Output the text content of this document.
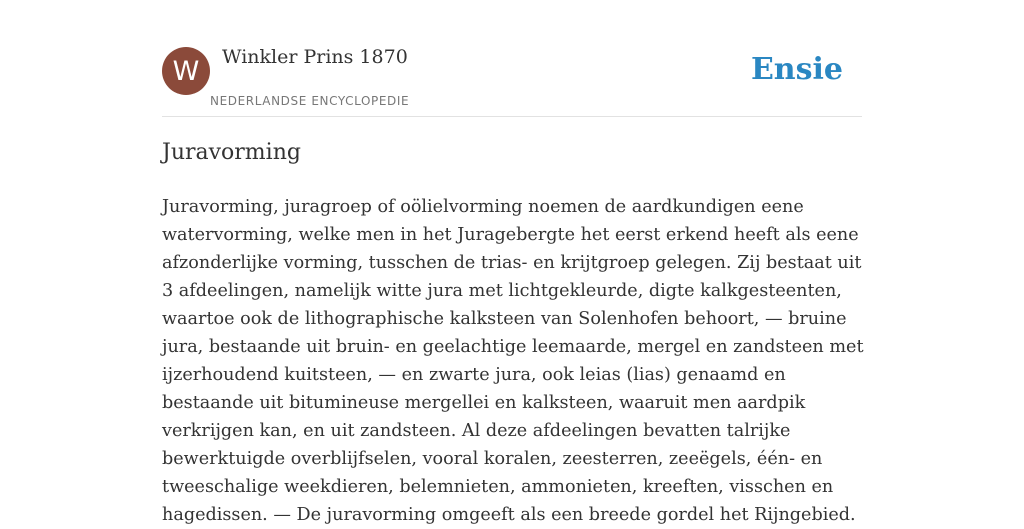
W	Winkler Prins 1870
NEDERLANDSE ENCYCLOPEDIE
Ensie
Juravorming

Juravorming, juragroep of oölielvorming noemen de aardkundigen eene watervorming, welke men in het Juragebergte het eerst erkend heeft als eene afzonderlijke vorming, tusschen de trias- en krijtgroep gelegen. Zij bestaat uit 3 afdeelingen, namelijk witte jura met lichtgekleurde, digte kalkgesteenten, waartoe ook de lithographische kalksteen van Solenhofen behoort, — bruine jura, bestaande uit bruin- en geelachtige leemaarde, mergel en zandsteen met ijzerhoudend kuitsteen, — en zwarte jura, ook leias (lias) genaamd en bestaande uit bitumineuse mergellei en kalksteen, waaruit men aardpik verkrijgen kan, en uit zandsteen. Al deze afdeelingen bevatten talrijke bewerktuigde overblijfselen, vooral koralen, zeesterren, zeeëgels, één- en tweeschalige weekdieren, belemnieten, ammonieten, kreeften, visschen en hagedissen. — De juravorming omgeeft als een breede gordel het Rijngebied.
